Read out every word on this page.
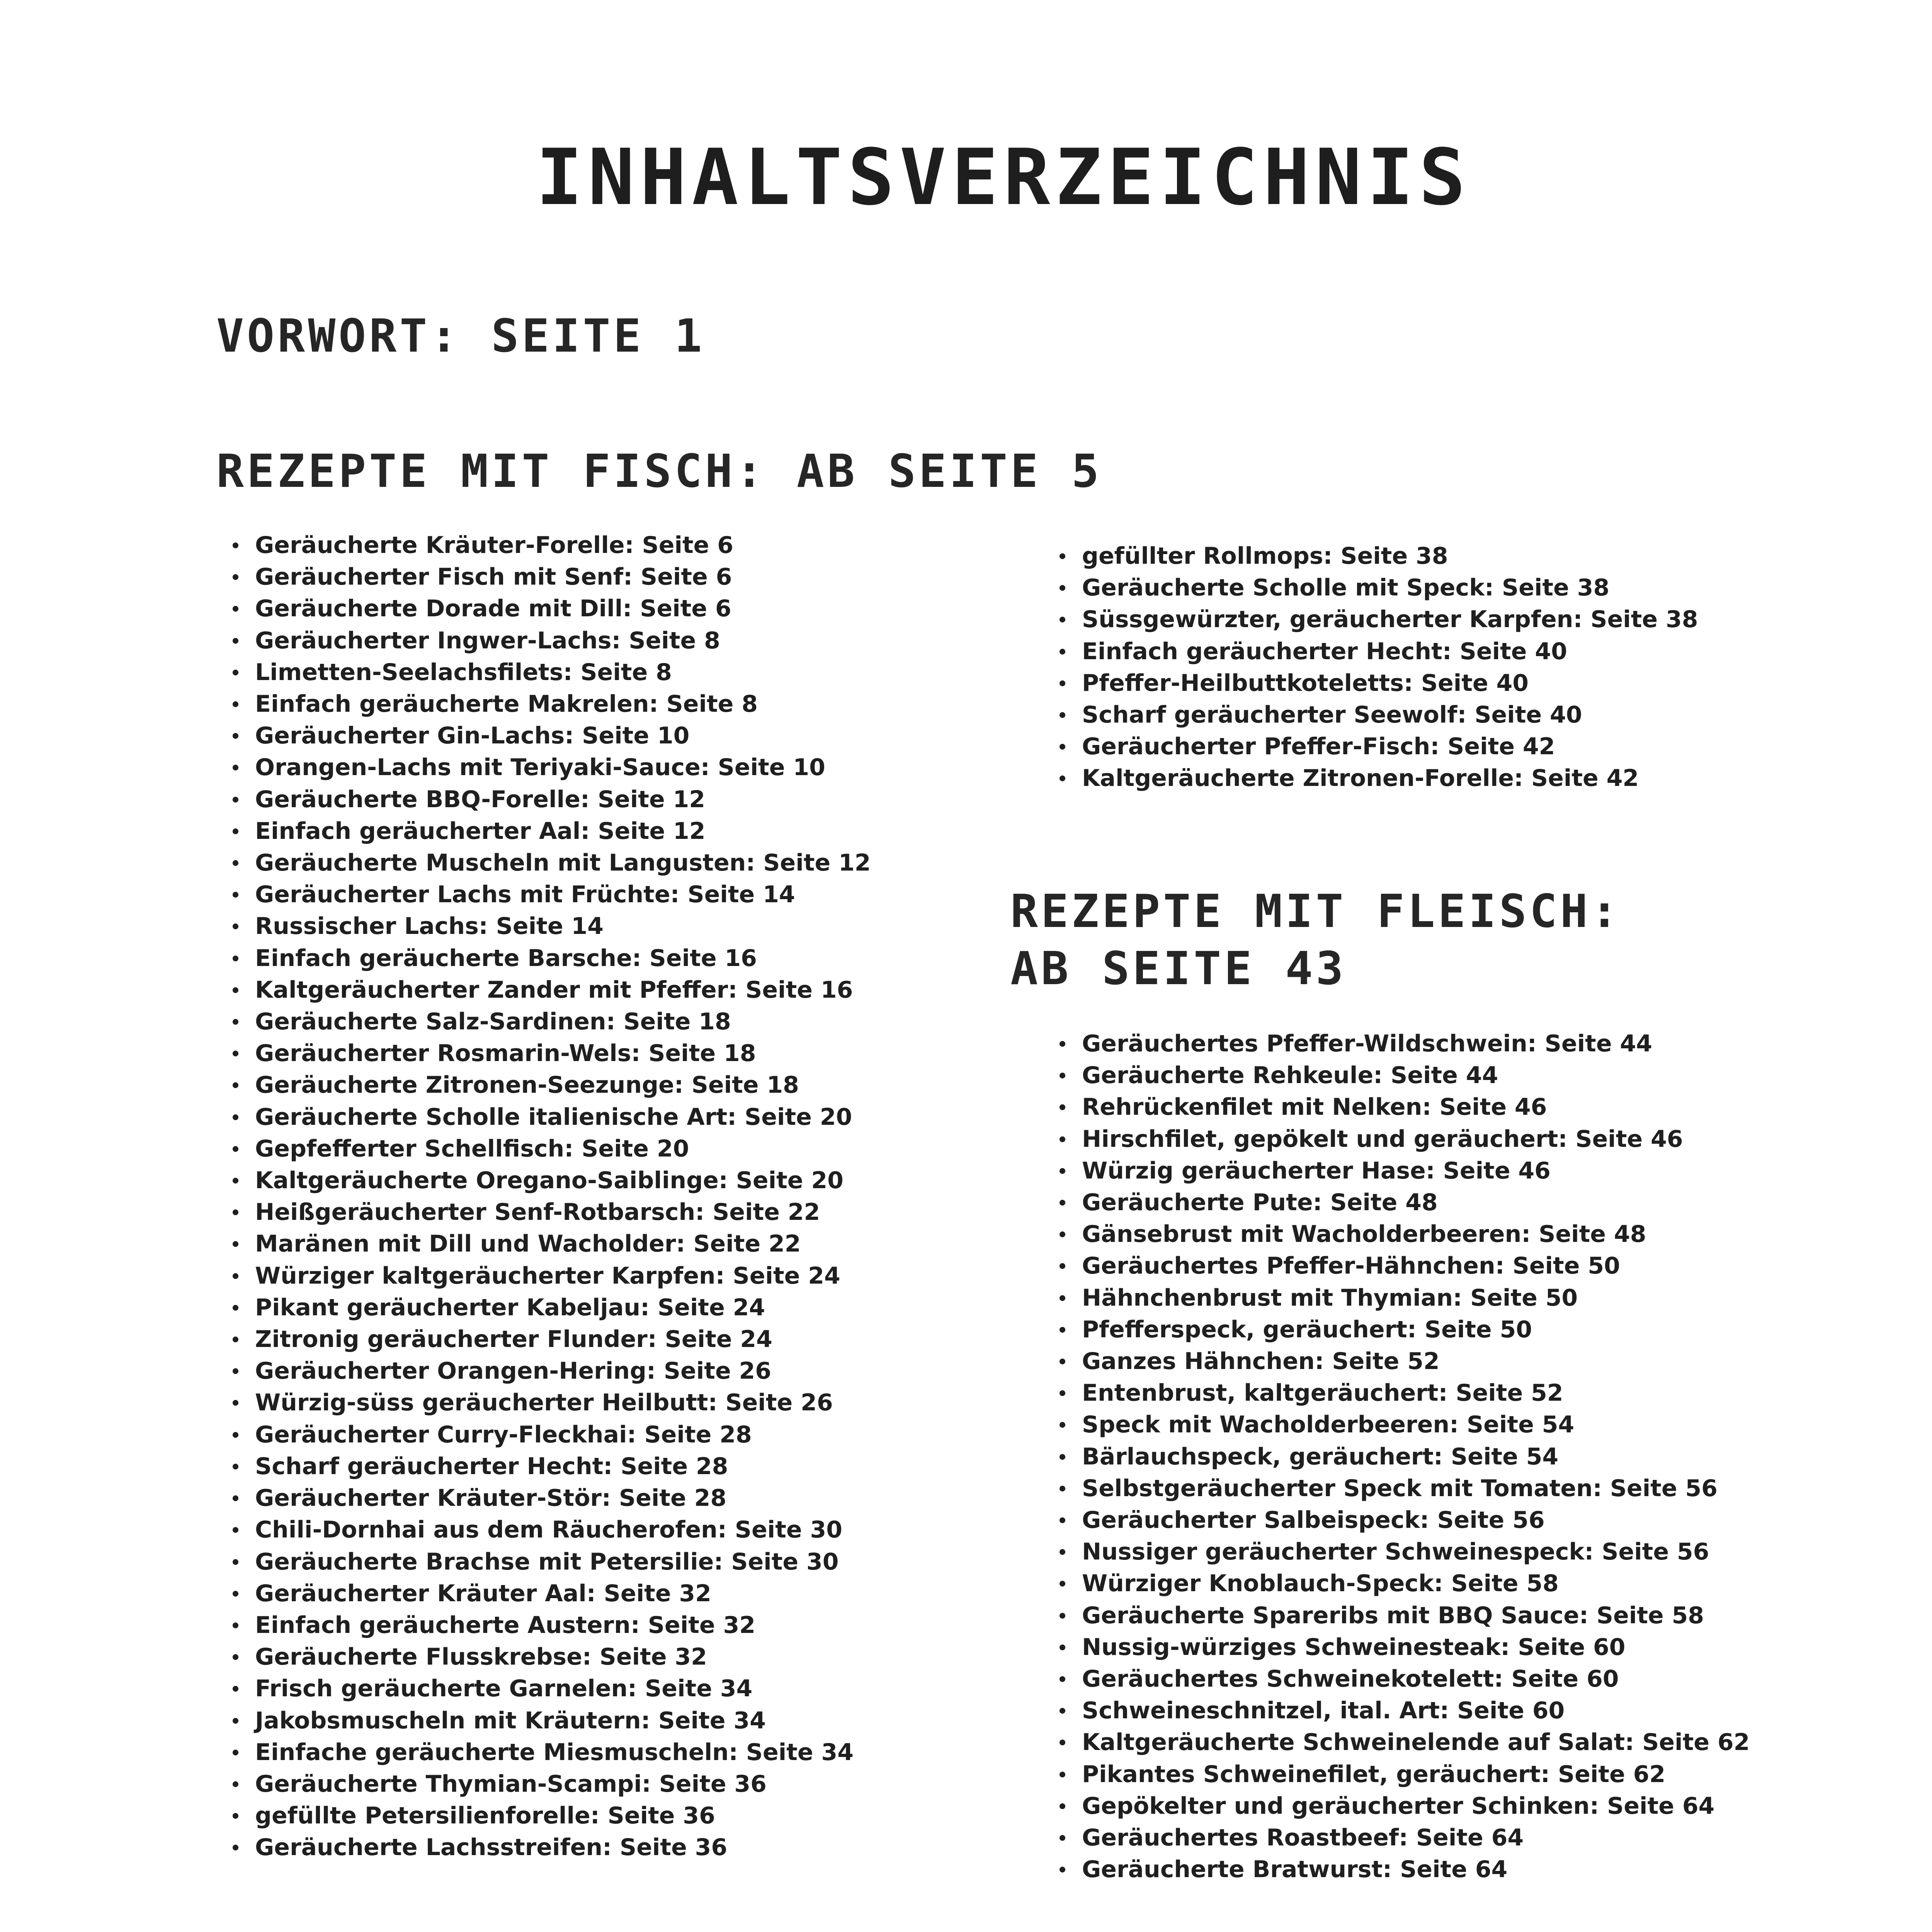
INHALTSVERZEICHNIS
VORWORT: SEITE 1
REZEPTE MIT FISCH: AB SEITE 5
Geräucherte Kräuter-Forelle: Seite 6
Geräucherter Fisch mit Senf: Seite 6
Geräucherte Dorade mit Dill: Seite 6
Geräucherter Ingwer-Lachs: Seite 8
Limetten-Seelachsfilets: Seite 8
Einfach geräucherte Makrelen: Seite 8
Geräucherter Gin-Lachs: Seite 10
Orangen-Lachs mit Teriyaki-Sauce: Seite 10
Geräucherte BBQ-Forelle: Seite 12
Einfach geräucherter Aal: Seite 12
Geräucherte Muscheln mit Langusten: Seite 12
Geräucherter Lachs mit Früchte: Seite 14
Russischer Lachs: Seite 14
Einfach geräucherte Barsche: Seite 16
Kaltgeräucherter Zander mit Pfeffer: Seite 16
Geräucherte Salz-Sardinen: Seite 18
Geräucherter Rosmarin-Wels: Seite 18
Geräucherte Zitronen-Seezunge: Seite 18
Geräucherte Scholle italienische Art: Seite 20
Gepfefferter Schellfisch: Seite 20
Kaltgeräucherte Oregano-Saiblinge: Seite 20
Heißgeräucherter Senf-Rotbarsch: Seite 22
Maränen mit Dill und Wacholder: Seite 22
Würziger kaltgeräucherter Karpfen: Seite 24
Pikant geräucherter Kabeljau: Seite 24
Zitronig geräucherter Flunder: Seite 24
Geräucherter Orangen-Hering: Seite 26
Würzig-süss geräucherter Heilbutt: Seite 26
Geräucherter Curry-Fleckhai: Seite 28
Scharf geräucherter Hecht: Seite 28
Geräucherter Kräuter-Stör: Seite 28
Chili-Dornhai aus dem Räucherofen: Seite 30
Geräucherte Brachse mit Petersilie: Seite 30
Geräucherter Kräuter Aal: Seite 32
Einfach geräucherte Austern: Seite 32
Geräucherte Flusskrebse: Seite 32
Frisch geräucherte Garnelen: Seite 34
Jakobsmuscheln mit Kräutern: Seite 34
Einfache geräucherte Miesmuscheln: Seite 34
Geräucherte Thymian-Scampi: Seite 36
gefüllte Petersilienforelle: Seite 36
Geräucherte Lachsstreifen: Seite 36
gefüllter Rollmops: Seite 38
Geräucherte Scholle mit Speck: Seite 38
Süssgewürzter, geräucherter Karpfen: Seite 38
Einfach geräucherter Hecht: Seite 40
Pfeffer-Heilbuttkoteletts: Seite 40
Scharf geräucherter Seewolf: Seite 40
Geräucherter Pfeffer-Fisch: Seite 42
Kaltgeräucherte Zitronen-Forelle: Seite 42
REZEPTE MIT FLEISCH:
AB SEITE 43
Geräuchertes Pfeffer-Wildschwein: Seite 44
Geräucherte Rehkeule: Seite 44
Rehrückenfilet mit Nelken: Seite 46
Hirschfilet, gepökelt und geräuchert: Seite 46
Würzig geräucherter Hase: Seite 46
Geräucherte Pute: Seite 48
Gänsebrust mit Wacholderbeeren: Seite 48
Geräuchertes Pfeffer-Hähnchen: Seite 50
Hähnchenbrust mit Thymian: Seite 50
Pfefferspeck, geräuchert: Seite 50
Ganzes Hähnchen: Seite 52
Entenbrust, kaltgeräuchert: Seite 52
Speck mit Wacholderbeeren: Seite 54
Bärlauchspeck, geräuchert: Seite 54
Selbstgeräucherter Speck mit Tomaten: Seite 56
Geräucherter Salbeispeck: Seite 56
Nussiger geräucherter Schweinespeck: Seite 56
Würziger Knoblauch-Speck: Seite 58
Geräucherte Spareribs mit BBQ Sauce: Seite 58
Nussig-würziges Schweinesteak: Seite 60
Geräuchertes Schweinekotelett: Seite 60
Schweineschnitzel, ital. Art: Seite 60
Kaltgeräucherte Schweinelende auf Salat: Seite 62
Pikantes Schweinefilet, geräuchert: Seite 62
Gepökelter und geräucherter Schinken: Seite 64
Geräuchertes Roastbeef: Seite 64
Geräucherte Bratwurst: Seite 64
